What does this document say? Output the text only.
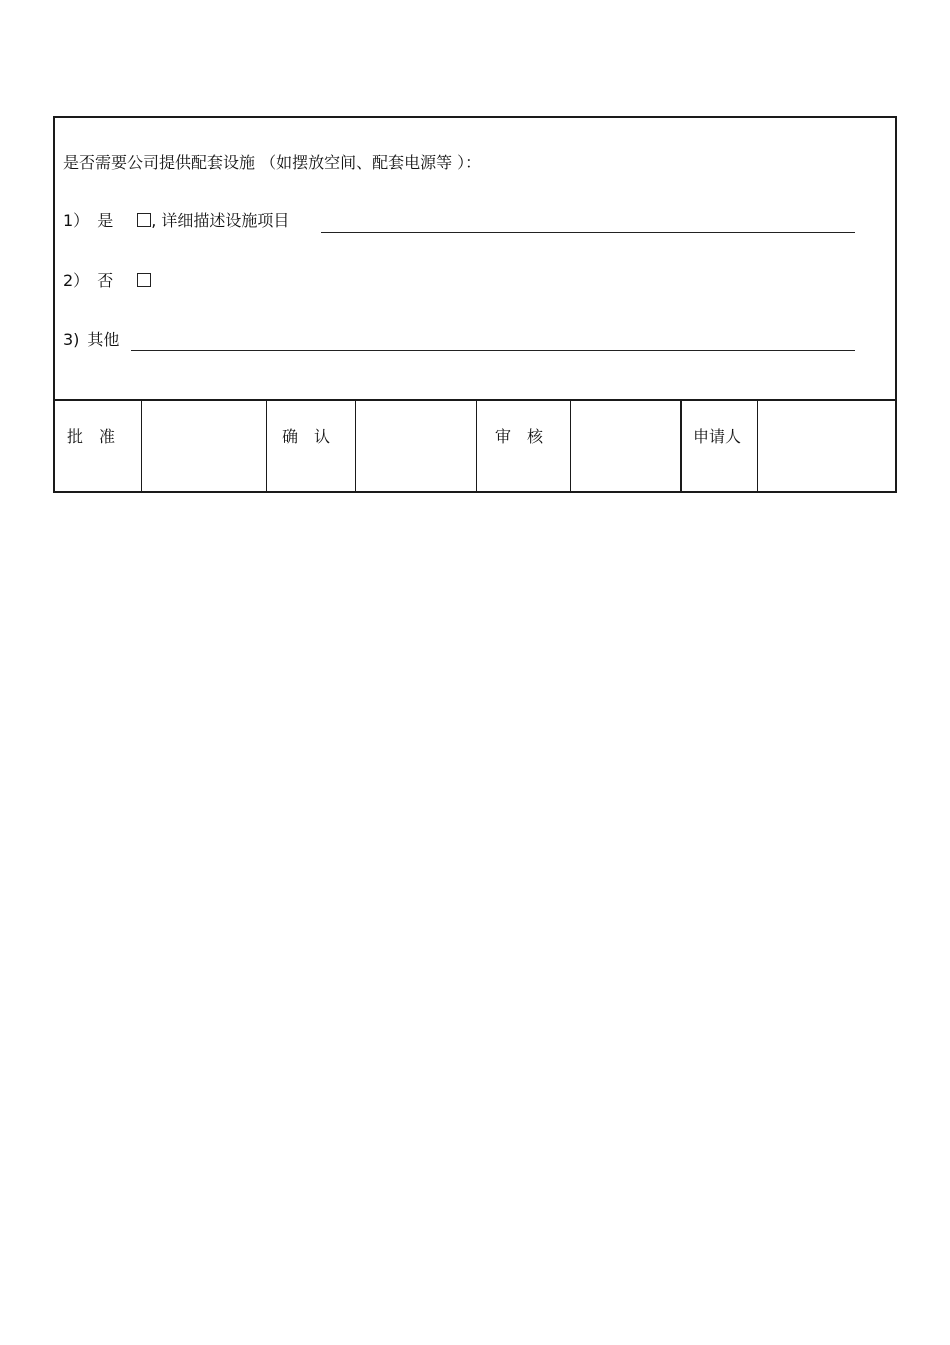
是否需要公司提供配套设施 （如摆放空间、配套电源等 ）：
1） 是 , 详细描述设施项目
2） 否
3) 其他
批　准	确　认	审　核	申请人
